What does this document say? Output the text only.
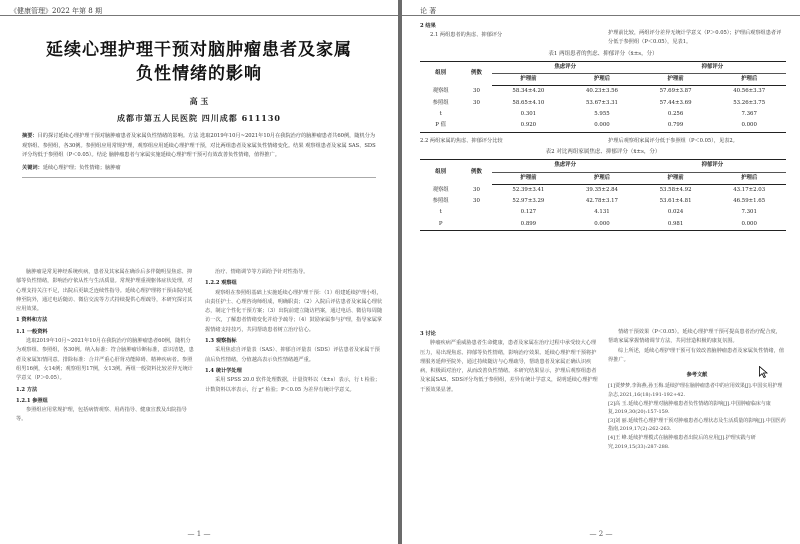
《健康管理》2022 年第 8 期
延续心理护理干预对脑肿瘤患者及家属负性情绪的影响
高 玉
成都市第五人民医院 四川成都 611130
摘要：目的探讨延续心理护理干预对脑肿瘤患者及家属负性情绪的影响。方法 选取2019年10月~2021年10月在我院治疗的脑肿瘤患者共60例，随机分为观察组、参照组，各30例。参照组应用常规护理，观察组应用延续心理护理干预，对比两组患者及家属负性情绪变化。结果 观察组患者及家属 SAS、SDS 评分均低于参照组（P＜0.05）。结论 脑肿瘤患者与家属实施延续心理护理干预可有效改善负性情绪，值得推广。
关键词：延续心理护理；负性情绪；脑肿瘤
脑肿瘤是常见神经系统疾病，患者及其家属在确诊后多伴随明显焦虑、抑郁等负性情绪，影响治疗依从性与生活质量。常规护理重视躯体症状处理，对心理支持关注不足，出院后更缺乏连续性指导。延续心理护理将干预由院内延伸至院外，通过电话随访、微信交流等方式持续提供心理疏导，本研究探讨其应用效果。
1 资料和方法
1.1 一般资料
选取2019年10月~2021年10月在我院治疗的脑肿瘤患者60例，随机分为观察组、参照组，各30例。纳入标准：符合脑肿瘤诊断标准，意识清楚，患者及家属知情同意。排除标准：合并严重心肝肾功能障碍、精神疾病者。参照组男16例，女14例；观察组男17例，女13例。两组一般资料比较差异无统计学意义（P＞0.05）。
1.2 方法
1.2.1 参照组
参照组应用常规护理，包括病情观察、用药指导、健康宣教及出院指导等。
治疗、情绪调节等方面给予针对性指导。
1.2.2 观察组
观察组在参照组基础上实施延续心理护理干预：（1）组建延续护理小组，由责任护士、心理咨询师组成，明确职责；（2）入院后评估患者及家属心理状态，制定个性化干预方案；（3）出院前建立随访档案，通过电话、微信每周随访一次，了解患者情绪变化并给予疏导；（4）鼓励家属参与护理，指导家属掌握情绪支持技巧，共同帮助患者树立治疗信心。
1.3 观察指标
采用焦虑自评量表（SAS）、抑郁自评量表（SDS）评估患者及家属干预前后负性情绪，分值越高表示负性情绪越严重。
1.4 统计学处理
采用 SPSS 20.0 软件处理数据，计量资料以（x̄±s）表示，行 t 检验；计数资料以率表示，行 χ² 检验；P＜0.05 为差异有统计学意义。
— 1 —
论 著
2 结果
2.1 两组患者的焦虑、抑郁评分	护理前比较，两组评分差异无统计学意义（P＞0.05）；护理后观察组患者评分低于参照组（P＜0.05），见表1。
表1 两组患者的焦虑、抑郁评分（x̄±s，分）
组别	例数	焦虑评分		抑郁评分	
		护理前	护理后	护理前	护理后
观察组	30	58.34±4.20	40.23±3.56	57.69±3.87	40.56±3.37
参照组	30	58.65±4.10	53.67±3.31	57.44±3.69	53.26±3.75
t		0.301	5.955	0.256	7.367
P 值		0.920	0.000	0.799	0.000
2.2 两组家属的焦虑、抑郁评分比较	护理后观察组家属评分低于参照组（P＜0.05），见表2。
表2 对比两组家属焦虑、抑郁评分（x̄±s，分）
组别	例数	焦虑评分		抑郁评分	
		护理前	护理后	护理前	护理后
观察组	30	52.39±3.41	39.35±2.84	53.58±4.92	43.17±2.03
参照组	30	52.97±3.29	42.78±3.17	53.61±4.81	46.59±1.65
t		0.127	4.131	0.024	7.301
P		0.899	0.000	0.981	0.000
3 讨论
肿瘤疾病严重威胁患者生命健康，患者及家属在治疗过程中承受较大心理压力，易出现焦虑、抑郁等负性情绪，影响治疗效果。延续心理护理干预将护理服务延伸至院外，通过持续随访与心理疏导，帮助患者及家属正确认识疾病，积极面对治疗，从而改善负性情绪。本研究结果显示，护理后观察组患者及家属SAS、SDS评分均低于参照组，差异有统计学意义，说明延续心理护理干预效果显著。
情绪干预效果（P＜0.05）。延续心理护理干预可提高患者治疗配合度，帮助家属掌握情绪调节方法，共同营造积极的康复氛围。
综上所述，延续心理护理干预可有效改善脑肿瘤患者及家属负性情绪，值得推广。
参考文献
[1]贾梦梦,李海燕,孙玉梅.延续护理在脑肿瘤患者中的应用效果[J].中国实用护理杂志,2021,16(18):191-192+42.
[2]高 玉.延续心理护理对脑肿瘤患者负性情绪的影响[J].中国肿瘤临床与康复,2019,30(20):157-159.
[3]刘 丽.延续性心理护理干预对肿瘤患者心理状态及生活质量的影响[J].中国医药指南,2019,17(2):262-263.
[4]王 峰.延续护理模式在脑肿瘤患者出院后的应用[J].护理实践与研究,2019,15(33):287-288.
— 2 —
